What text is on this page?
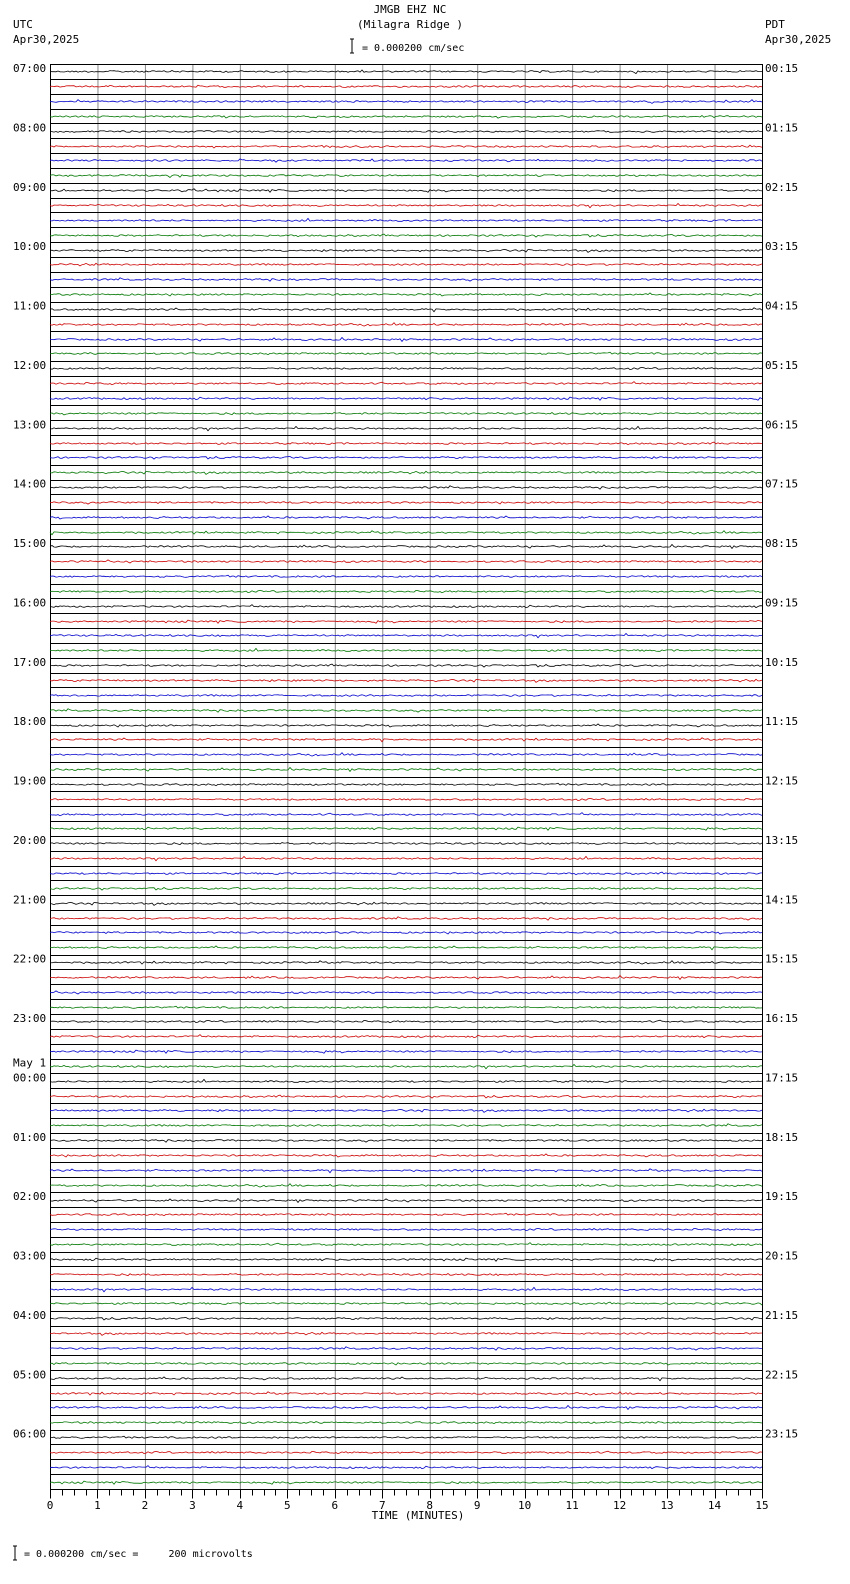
JMGB EHZ NC
(Milagra Ridge )
UTC
Apr30,2025
PDT
Apr30,2025
= 0.000200 cm/sec
= 0.000200 cm/sec =     200 microvolts
TIME (MINUTES)
0	1	2	3	4	5	6	7	8	9	10	11	12	13	14	15
07:00	00:15
08:00	01:15
09:00	02:15
10:00	03:15
11:00	04:15
12:00	05:15
13:00	06:15
14:00	07:15
15:00	08:15
16:00	09:15
17:00	10:15
18:00	11:15
19:00	12:15
20:00	13:15
21:00	14:15
22:00	15:15
23:00	16:15
00:00	17:15
May 1
01:00	18:15
02:00	19:15
03:00	20:15
04:00	21:15
05:00	22:15
06:00	23:15
